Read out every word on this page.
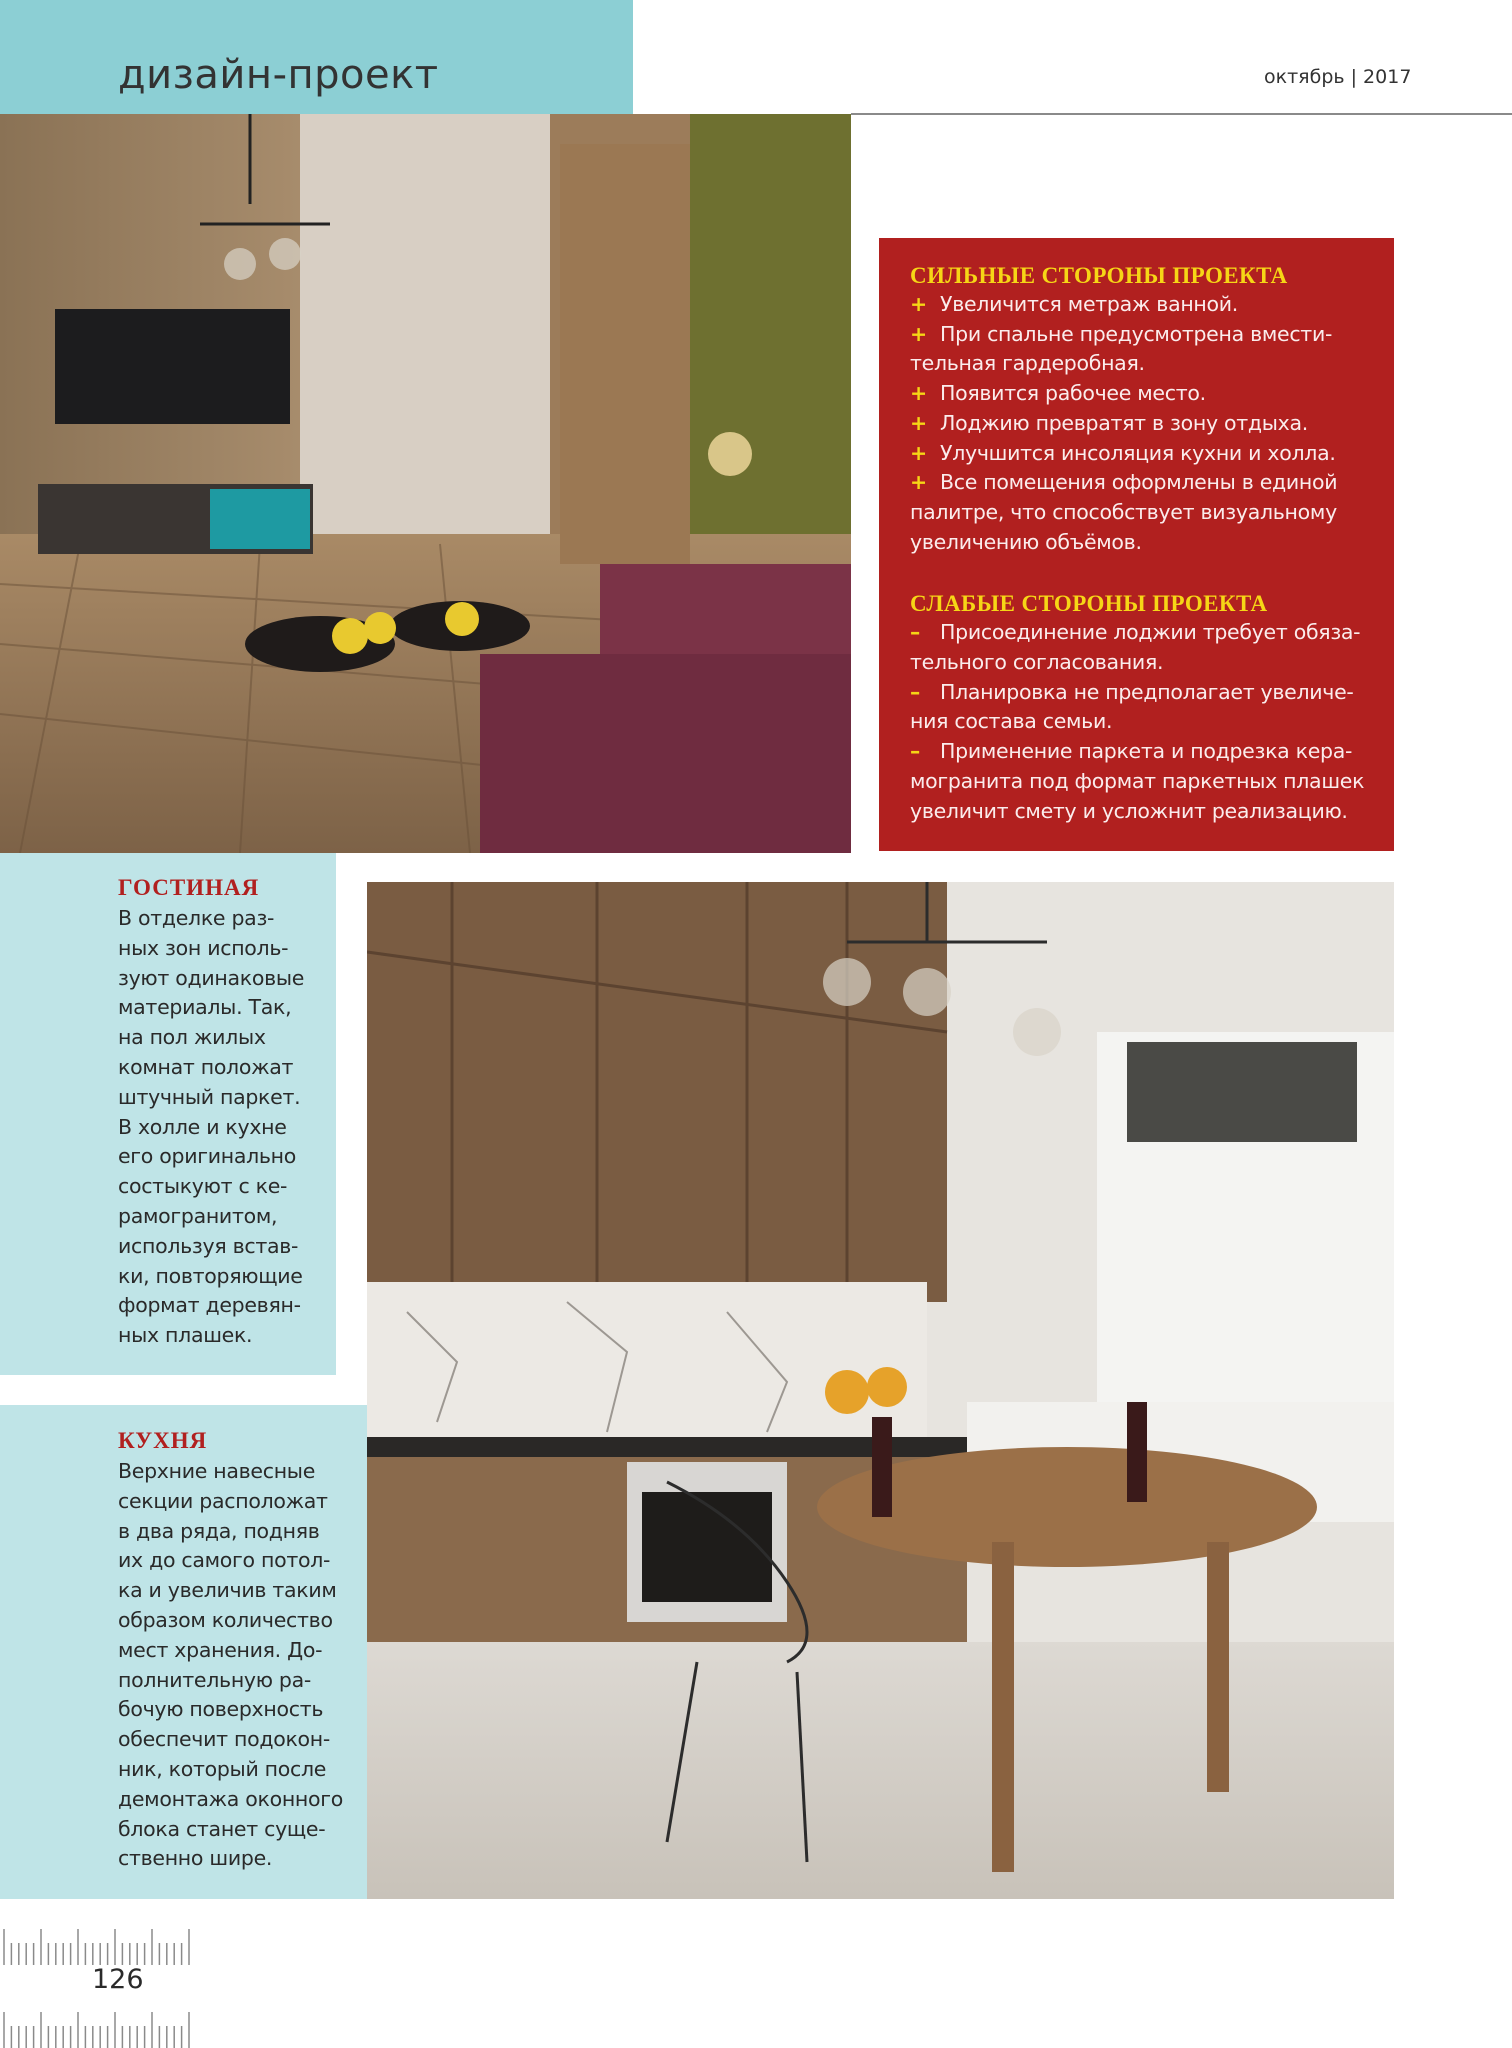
дизайн-проект	октябрь | 2017
СИЛЬНЫЕ СТОРОНЫ ПРОЕКТА
+ Увеличится метраж ванной.
+ При спальне предусмотрена вмести-тельная гардеробная.
+ Появится рабочее место.
+ Лоджию превратят в зону отдыха.
+ Улучшится инсоляция кухни и холла.
+ Все помещения оформлены в единой палитре, что способствует визуальному увеличению объёмов.
СЛАБЫЕ СТОРОНЫ ПРОЕКТА
– Присоединение лоджии требует обяза-тельного согласования.
– Планировка не предполагает увеличе-ния состава семьи.
– Применение паркета и подрезка кера-могранита под формат паркетных плашек увеличит смету и усложнит реализацию.
ГОСТИНАЯ
В отделке раз-
ных зон исполь-
зуют одинаковые
материалы. Так,
на пол жилых
комнат положат
штучный паркет.
В холле и кухне
его оригинально
состыкуют с ке-
рамогранитом,
используя встав-
ки, повторяющие
формат деревян-
ных плашек.
КУХНЯ
Верхние навесные
секции расположат
в два ряда, подняв
их до самого потол-
ка и увеличив таким
образом количество
мест хранения. До-
полнительную ра-
бочую поверхность
обеспечит подокон-
ник, который после
демонтажа оконного
блока станет суще-
ственно шире.
126
